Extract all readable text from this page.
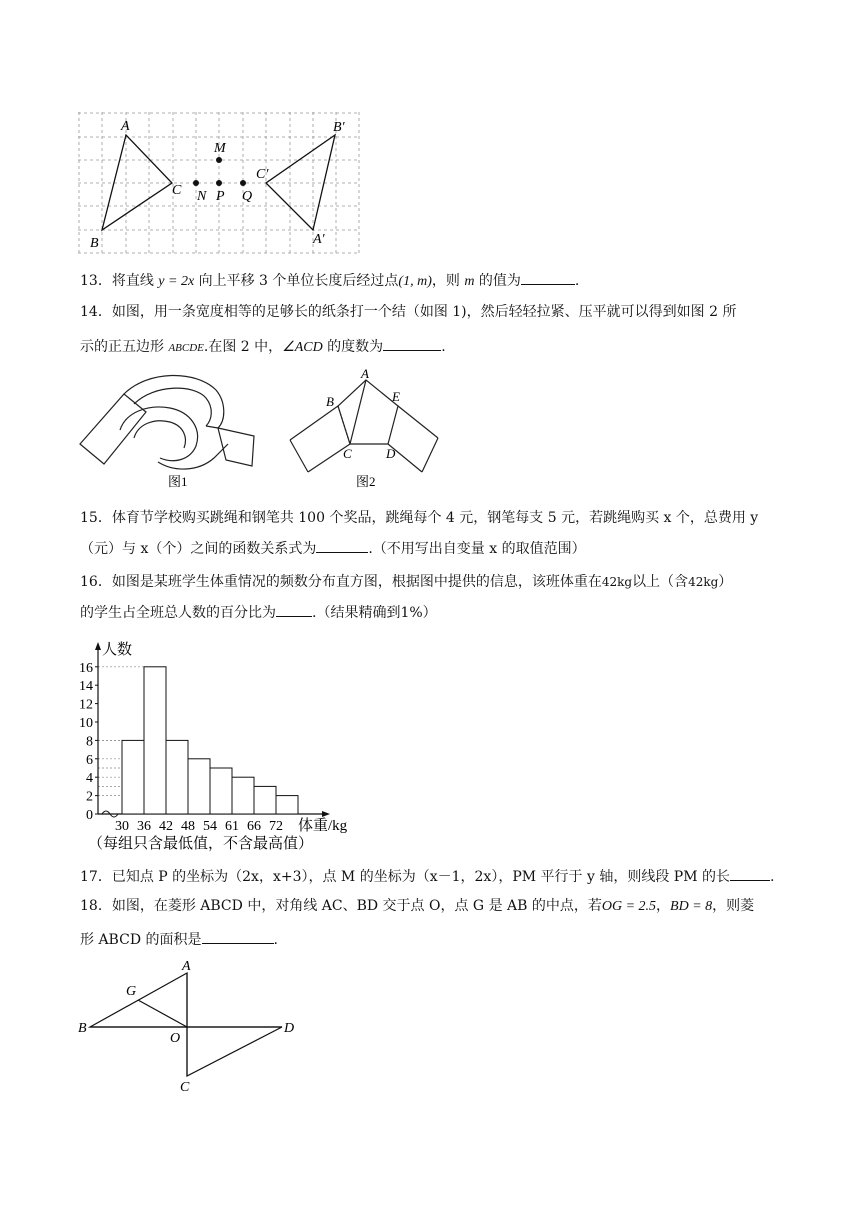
A
B
C
M
N P Q
C′
B′
A′
13．将直线 y = 2x 向上平移 3 个单位长度后经过点(1, m)，则 m 的值为	.
14．如图，用一条宽度相等的足够长的纸条打一个结（如图 1)，然后轻轻拉紧、压平就可以得到如图 2 所
示的正五边形 ABCDE.在图 2 中，∠ACD 的度数为	.
图1
A
B	E
C	D
图2
15．体育节学校购买跳绳和钢笔共 100 个奖品，跳绳每个 4 元，钢笔每支 5 元，若跳绳购买 x 个，总费用 y
（元）与 x（个）之间的函数关系式为	.（不用写出自变量 x 的取值范围）
16．如图是某班学生体重情况的频数分布直方图，根据图中提供的信息，该班体重在42kg以上（含42kg）
的学生占全班总人数的百分比为	.（结果精确到1%）
0
2
4
6
8
10
12
14
16
30 36 42 48 54 61 66 72
人数
体重/kg
（每组只含最低值，不含最高值）
17．已知点 P 的坐标为（2x，x+3），点 M 的坐标为（x－1，2x），PM 平行于 y 轴，则线段 PM 的长	.
18．如图，在菱形 ABCD 中，对角线 AC、BD 交于点 O，点 G 是 AB 的中点，若OG = 2.5，BD = 8，则菱
形 ABCD 的面积是	.
A
G
B
O
D
C
